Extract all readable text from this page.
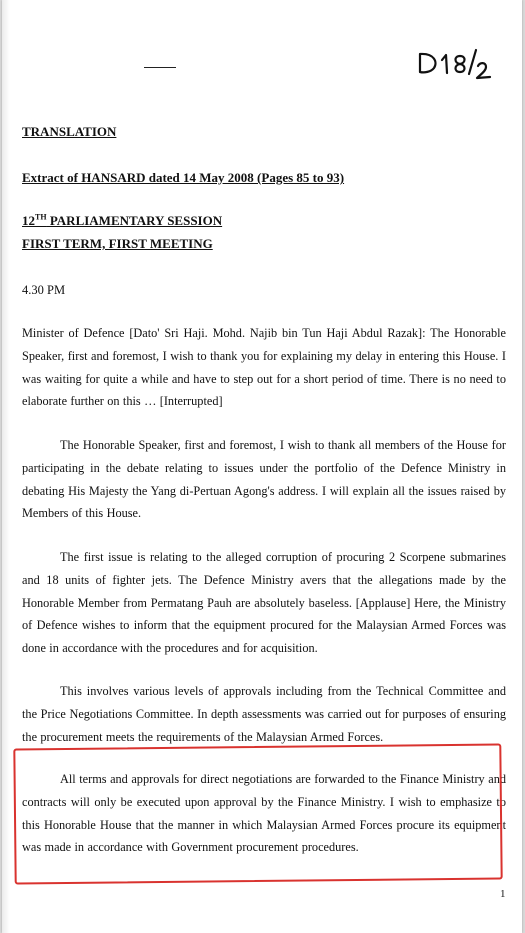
TRANSLATION
Extract of HANSARD dated 14 May 2008 (Pages 85 to 93)
12TH PARLIAMENTARY SESSION
FIRST TERM, FIRST MEETING
4.30 PM
Minister of Defence [Dato' Sri Haji. Mohd. Najib bin Tun Haji Abdul Razak]: The Honorable Speaker, first and foremost, I wish to thank you for explaining my delay in entering this House. I was waiting for quite a while and have to step out for a short period of time. There is no need to elaborate further on this … [Interrupted]
The Honorable Speaker, first and foremost, I wish to thank all members of the House for participating in the debate relating to issues under the portfolio of the Defence Ministry in debating His Majesty the Yang di-Pertuan Agong's address. I will explain all the issues raised by Members of this House.
The first issue is relating to the alleged corruption of procuring 2 Scorpene submarines and 18 units of fighter jets. The Defence Ministry avers that the allegations made by the Honorable Member from Permatang Pauh are absolutely baseless. [Applause] Here, the Ministry of Defence wishes to inform that the equipment procured for the Malaysian Armed Forces was done in accordance with the procedures and for acquisition.
This involves various levels of approvals including from the Technical Committee and the Price Negotiations Committee. In depth assessments was carried out for purposes of ensuring the procurement meets the requirements of the Malaysian Armed Forces.
All terms and approvals for direct negotiations are forwarded to the Finance Ministry and contracts will only be executed upon approval by the Finance Ministry. I wish to emphasize to this Honorable House that the manner in which Malaysian Armed Forces procure its equipment was made in accordance with Government procurement procedures.
1
